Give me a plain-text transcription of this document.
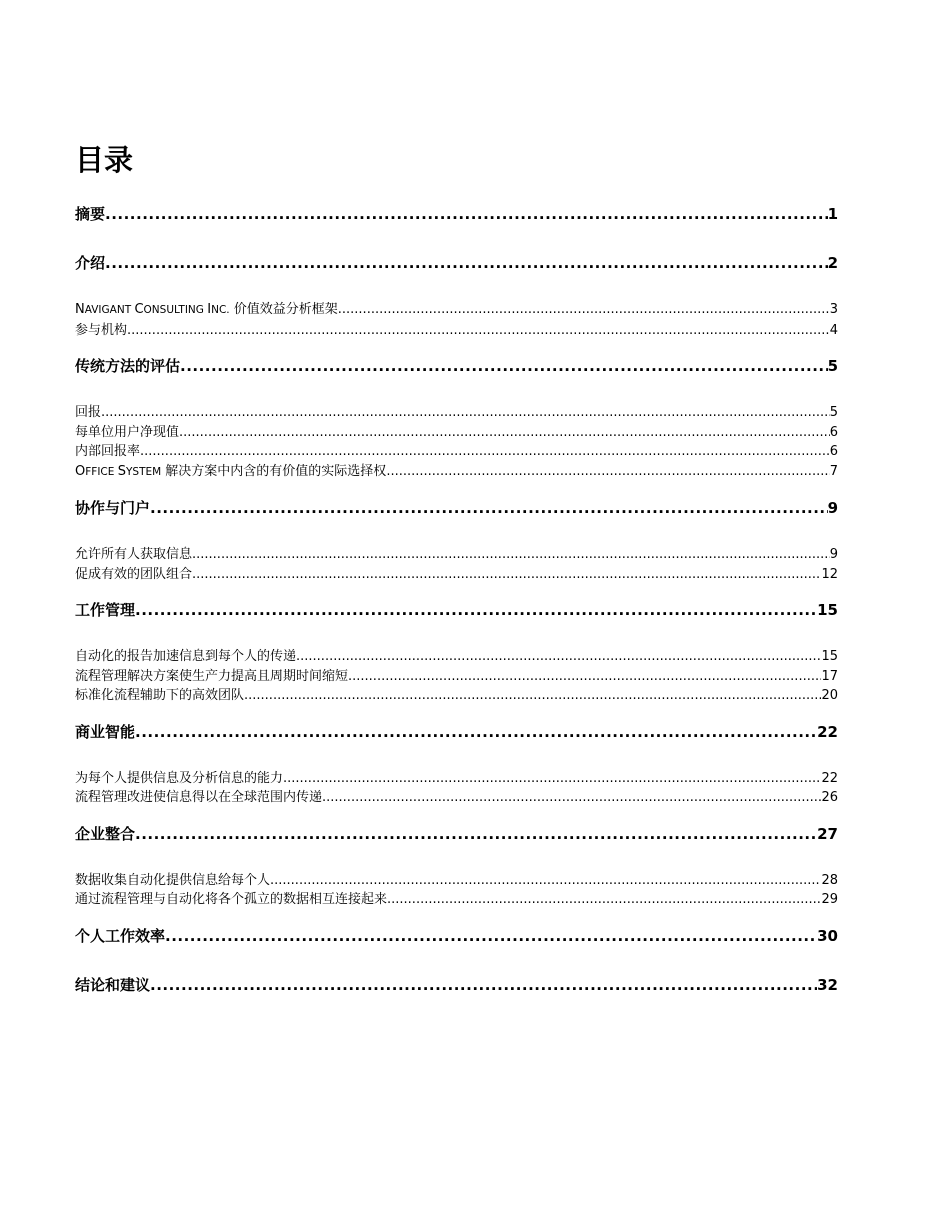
目录
摘要 .....	1
介绍 .....	2
NAVIGANT CONSULTING INC. 价值效益分析框架 .....	3
参与机构 .....	4
传统方法的评估 .....	5
回报 .....	5
每单位用户净现值 .....	6
内部回报率 .....	6
OFFICE SYSTEM 解决方案中内含的有价值的实际选择权 .....	7
协作与门户 .....	9
允许所有人获取信息 .....	9
促成有效的团队组合 .....	12
工作管理 .....	15
自动化的报告加速信息到每个人的传递 .....	15
流程管理解决方案使生产力提高且周期时间缩短 .....	17
标准化流程辅助下的高效团队 .....	20
商业智能 .....	22
为每个人提供信息及分析信息的能力 .....	22
流程管理改进使信息得以在全球范围内传递 .....	26
企业整合 .....	27
数据收集自动化提供信息给每个人 .....	28
通过流程管理与自动化将各个孤立的数据相互连接起来 .....	29
个人工作效率 .....	30
结论和建议 .....	32
